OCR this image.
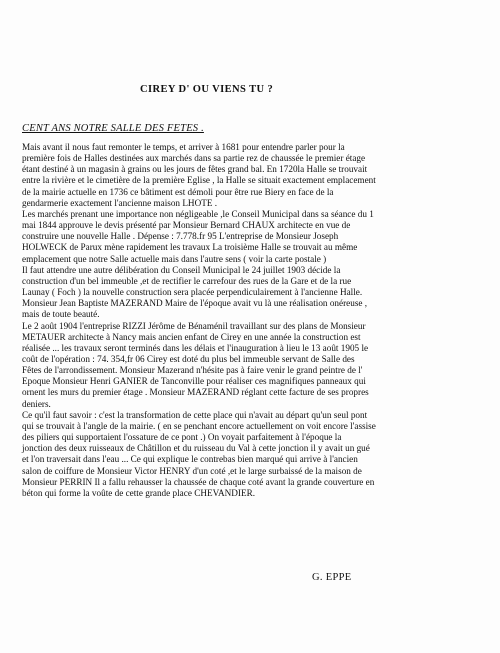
CIREY D' OU VIENS TU ?
CENT ANS NOTRE SALLE DES FETES .
Mais avant il nous faut remonter le temps, et arriver à 1681 pour entendre parler pour la
première fois de Halles destinées aux marchés dans sa partie rez de chaussée le premier étage
étant destiné à un magasin à grains ou les jours de fêtes grand bal. En 1720la Halle se trouvait
entre la rivière et le cimetière de la première Eglise , la Halle se situait exactement emplacement
de la mairie actuelle en 1736 ce bâtiment est démoli pour être rue Biery en face de la
gendarmerie exactement l'ancienne maison LHOTE .
Les marchés prenant une importance non négligeable ,le Conseil Municipal dans sa séance du 1
mai 1844 approuve le devis présenté par Monsieur Bernard CHAUX architecte en vue de
construire une nouvelle Halle . Dépense : 7.778.fr 95 L'entreprise de Monsieur Joseph
HOLWECK de Parux mène rapidement les travaux La troisième Halle se trouvait au même
emplacement que notre Salle actuelle mais dans l'autre sens ( voir la carte postale )
Il faut attendre une autre délibération du Conseil Municipal le 24 juillet 1903 décide la
construction d'un bel immeuble ,et de rectifier le carrefour des rues de la Gare et de la rue
Launay ( Foch ) la nouvelle construction sera placée perpendiculairement à l'ancienne Halle.
Monsieur Jean Baptiste MAZERAND Maire de l'époque avait vu là une réalisation onéreuse ,
mais de toute beauté.
Le 2 août 1904 l'entreprise RIZZI Jérôme de Bénaménil travaillant sur des plans de Monsieur
METAUER architecte à Nancy mais ancien enfant de Cirey en une année la construction est
réalisée ... les travaux seront terminés dans les délais et l'inauguration à lieu le 13 août 1905 le
coût de l'opération : 74. 354,fr 06 Cirey est doté du plus bel immeuble servant de Salle des
Fêtes de l'arrondissement. Monsieur Mazerand n'hésite pas à faire venir le grand peintre de l'
Epoque Monsieur Henri GANIER de Tanconville pour réaliser ces magnifiques panneaux qui
ornent les murs du premier étage . Monsieur MAZERAND réglant cette facture de ses propres
deniers.
Ce qu'il faut savoir : c'est la transformation de cette place qui n'avait au départ qu'un seul pont
qui se trouvait à l'angle de la mairie. ( en se penchant encore actuellement on voit encore l'assise
des piliers qui supportaient l'ossature de ce pont .) On voyait parfaitement à l'époque la
jonction des deux ruisseaux de Châtillon et du ruisseau du Val à cette jonction il y avait un gué
et l'on traversait dans l'eau ... Ce qui explique le contrebas bien marqué qui arrive à l'ancien
salon de coiffure de Monsieur Victor HENRY d'un coté ,et le large surbaissé de la maison de
Monsieur PERRIN Il a fallu rehausser la chaussée de chaque coté avant la grande couverture en
béton qui forme la voûte de cette grande place CHEVANDIER.
G. EPPE
